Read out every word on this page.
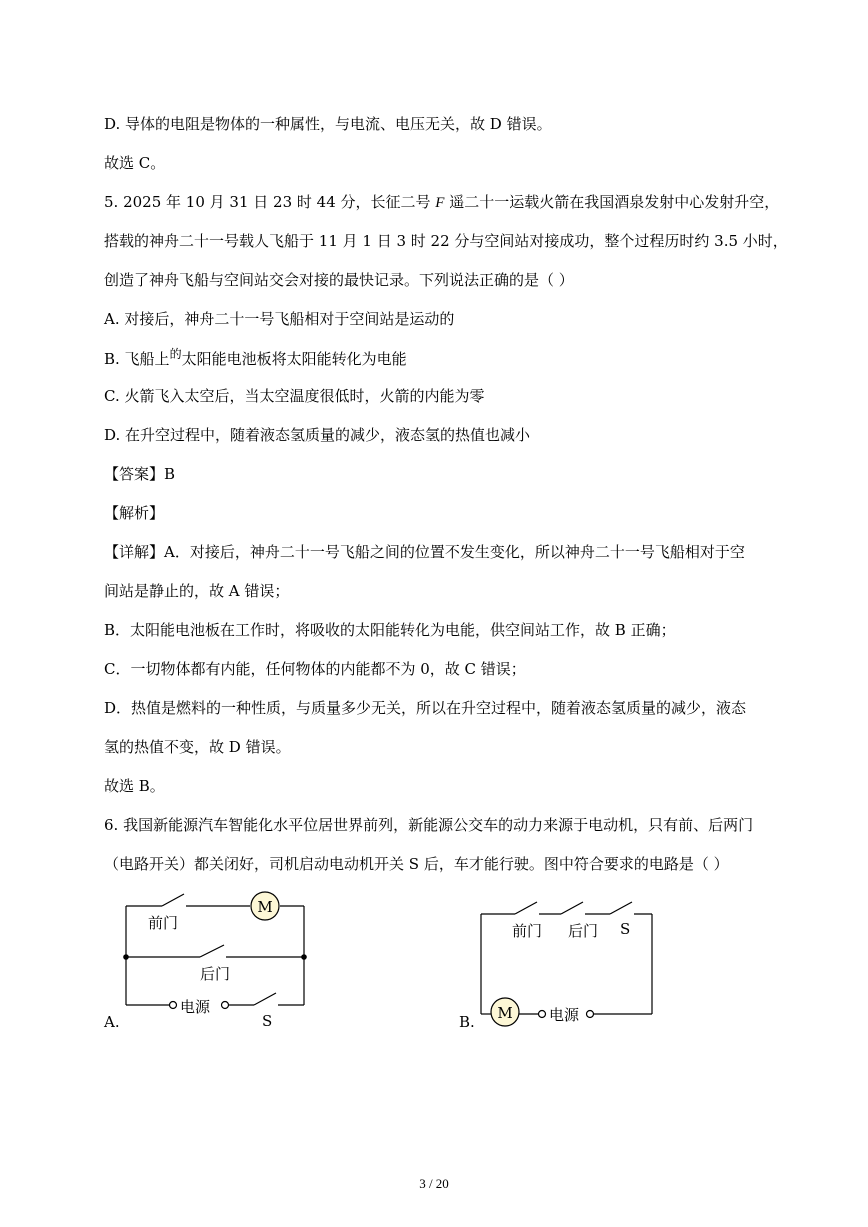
D. 导体的电阻是物体的一种属性，与电流、电压无关，故 D 错误。
故选 C。
5. 2025 年 10 月 31 日 23 时 44 分，长征二号 F 遥二十一运载火箭在我国酒泉发射中心发射升空，
搭载的神舟二十一号载人飞船于 11 月 1 日 3 时 22 分与空间站对接成功，整个过程历时约 3.5 小时，
创造了神舟飞船与空间站交会对接的最快记录。下列说法正确的是（ ）
A. 对接后，神舟二十一号飞船相对于空间站是运动的
B. 飞船上$^的$太阳能电池板将太阳能转化为电能
C. 火箭飞入太空后，当太空温度很低时，火箭的内能为零
D. 在升空过程中，随着液态氢质量的减少，液态氢的热值也减小
【答案】B
【解析】
【详解】A．对接后，神舟二十一号飞船之间的位置不发生变化，所以神舟二十一号飞船相对于空
间站是静止的，故 A 错误；
B．太阳能电池板在工作时，将吸收的太阳能转化为电能，供空间站工作，故 B 正确；
C．一切物体都有内能，任何物体的内能都不为 0，故 C 错误；
D．热值是燃料的一种性质，与质量多少无关，所以在升空过程中，随着液态氢质量的减少，液态
氢的热值不变，故 D 错误。
故选 B。
6. 我国新能源汽车智能化水平位居世界前列，新能源公交车的动力来源于电动机，只有前、后两门
（电路开关）都关闭好，司机启动电动机开关 S 后，车才能行驶。图中符合要求的电路是（ ）
M
前门
后门
电源
S
A.	M
前门 后门 S
电源
B.
3 / 20
